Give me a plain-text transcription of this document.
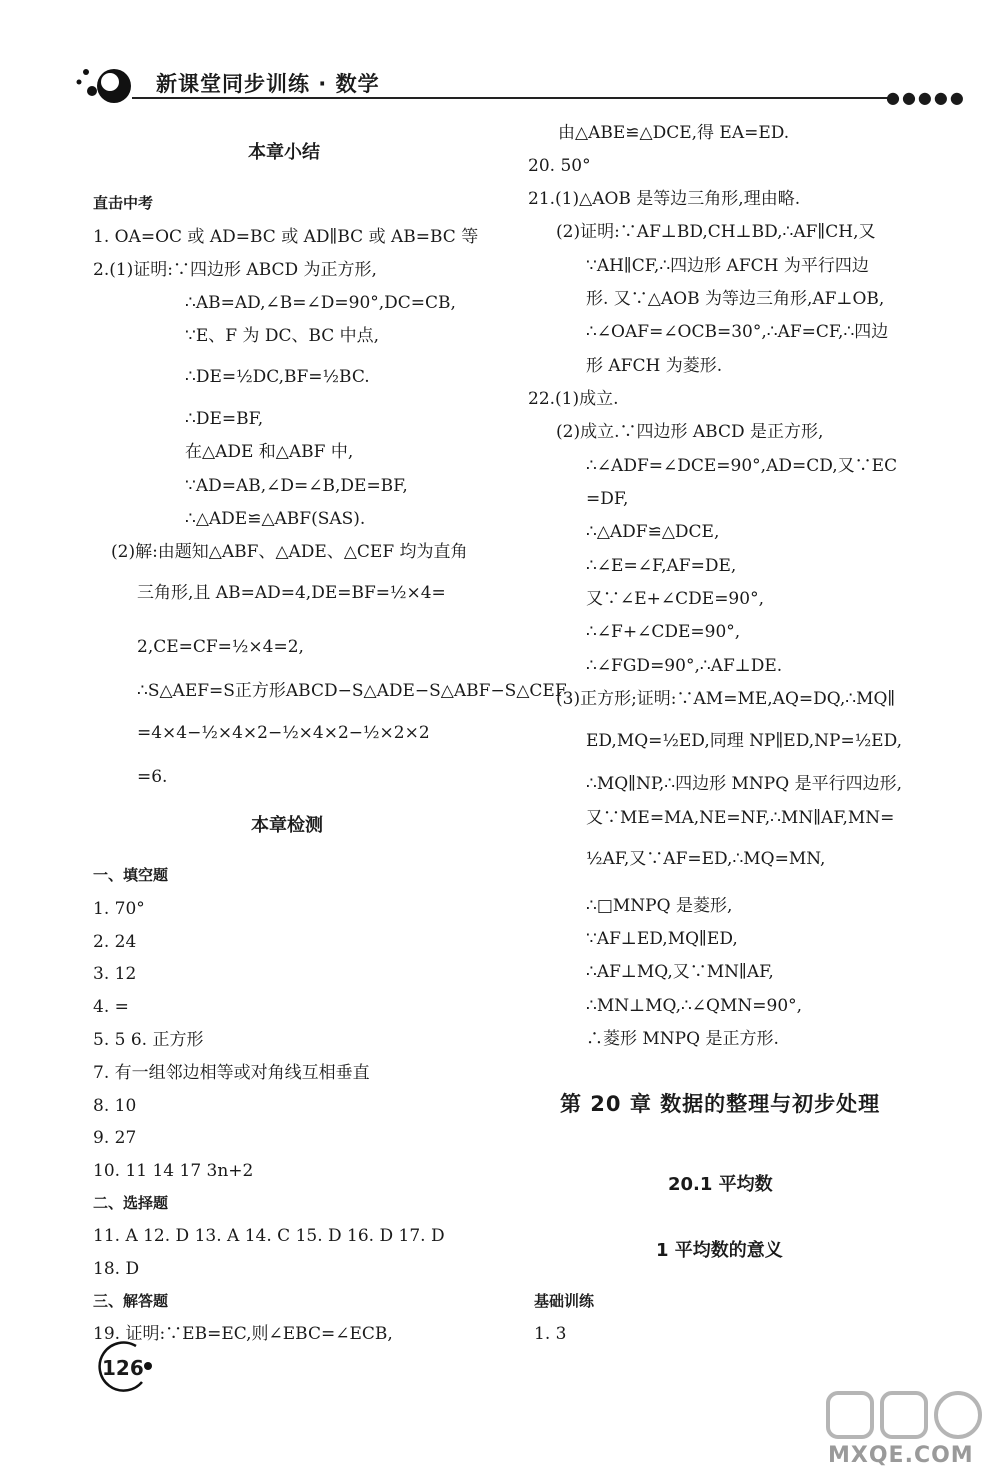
新课堂同步训练 · 数学
●●●●●
本章小结
直击中考
1. OA=OC 或 AD=BC 或 AD∥BC 或 AB=BC 等
2.(1)证明:∵四边形 ABCD 为正方形,
∴AB=AD,∠B=∠D=90°,DC=CB,
∵E、F 为 DC、BC 中点,
∴DE=½DC,BF=½BC.
∴DE=BF,
在△ADE 和△ABF 中,
∵AD=AB,∠D=∠B,DE=BF,
∴△ADE≌△ABF(SAS).
(2)解:由题知△ABF、△ADE、△CEF 均为直角
三角形,且 AB=AD=4,DE=BF=½×4=
2,CE=CF=½×4=2,
∴S△AEF=S正方形ABCD−S△ADE−S△ABF−S△CEF
=4×4−½×4×2−½×4×2−½×2×2
=6.
本章检测
一、填空题
1. 70°
2. 24
3. 12
4. =
5. 5 6. 正方形
7. 有一组邻边相等或对角线互相垂直
8. 10
9. 27
10. 11 14 17 3n+2
二、选择题
11. A 12. D 13. A 14. C 15. D 16. D 17. D
18. D
三、解答题
19. 证明:∵EB=EC,则∠EBC=∠ECB,
由△ABE≌△DCE,得 EA=ED.
20. 50°
21.(1)△AOB 是等边三角形,理由略.
(2)证明:∵AF⊥BD,CH⊥BD,∴AF∥CH,又
∵AH∥CF,∴四边形 AFCH 为平行四边
形. 又∵△AOB 为等边三角形,AF⊥OB,
∴∠OAF=∠OCB=30°,∴AF=CF,∴四边
形 AFCH 为菱形.
22.(1)成立.
(2)成立.∵四边形 ABCD 是正方形,
∴∠ADF=∠DCE=90°,AD=CD,又∵EC
=DF,
∴△ADF≌△DCE,
∴∠E=∠F,AF=DE,
又∵∠E+∠CDE=90°,
∴∠F+∠CDE=90°,
∴∠FGD=90°,∴AF⊥DE.
(3)正方形;证明:∵AM=ME,AQ=DQ,∴MQ∥
ED,MQ=½ED,同理 NP∥ED,NP=½ED,
∴MQ∥NP,∴四边形 MNPQ 是平行四边形,
又∵ME=MA,NE=NF,∴MN∥AF,MN=
½AF,又∵AF=ED,∴MQ=MN,
∴□MNPQ 是菱形,
∵AF⊥ED,MQ∥ED,
∴AF⊥MQ,又∵MN∥AF,
∴MN⊥MQ,∴∠QMN=90°,
∴菱形 MNPQ 是正方形.
第 20 章 数据的整理与初步处理
20.1 平均数
1 平均数的意义
基础训练
1. 3
126
MXQE.COM
